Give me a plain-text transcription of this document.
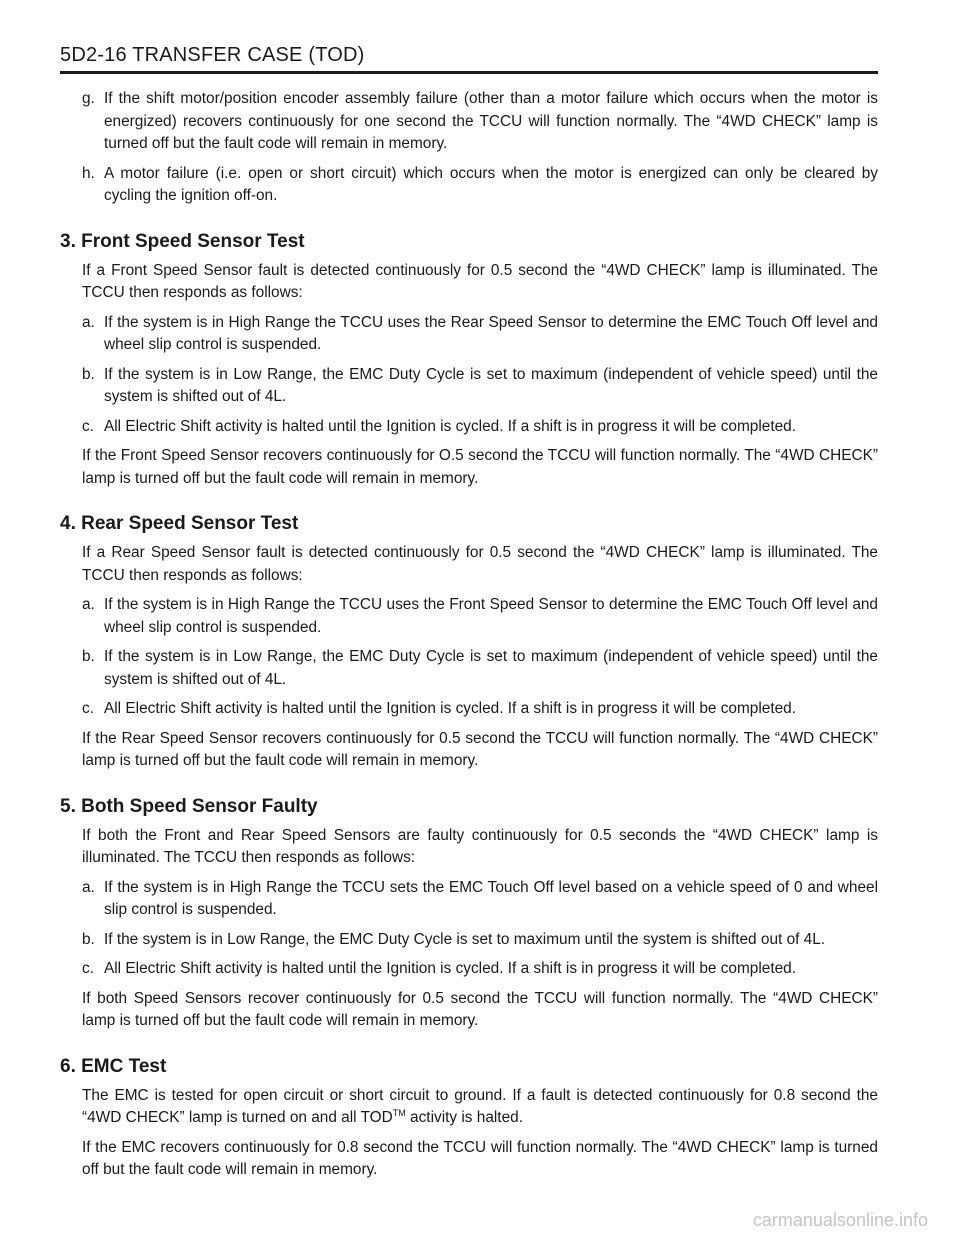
5D2-16 TRANSFER CASE (TOD)
g. If the shift motor/position encoder assembly failure (other than a motor failure which occurs when the motor is energized) recovers continuously for one second the TCCU will function normally. The “4WD CHECK” lamp is turned off but the fault code will remain in memory.
h. A motor failure (i.e. open or short circuit) which occurs when the motor is energized can only be cleared by cycling the ignition off-on.
3. Front Speed Sensor Test

If a Front Speed Sensor fault is detected continuously for 0.5 second the “4WD CHECK” lamp is illuminated. The TCCU then responds as follows:

a. If the system is in High Range the TCCU uses the Rear Speed Sensor to determine the EMC Touch Off level and wheel slip control is suspended.
b. If the system is in Low Range, the EMC Duty Cycle is set to maximum (independent of vehicle speed) until the system is shifted out of 4L.
c. All Electric Shift activity is halted until the Ignition is cycled. If a shift is in progress it will be completed.

If the Front Speed Sensor recovers continuously for O.5 second the TCCU will function normally. The “4WD CHECK” lamp is turned off but the fault code will remain in memory.

4. Rear Speed Sensor Test

If a Rear Speed Sensor fault is detected continuously for 0.5 second the “4WD CHECK” lamp is illuminated. The TCCU then responds as follows:

a. If the system is in High Range the TCCU uses the Front Speed Sensor to determine the EMC Touch Off level and wheel slip control is suspended.
b. If the system is in Low Range, the EMC Duty Cycle is set to maximum (independent of vehicle speed) until the system is shifted out of 4L.
c. All Electric Shift activity is halted until the Ignition is cycled. If a shift is in progress it will be completed.

If the Rear Speed Sensor recovers continuously for 0.5 second the TCCU will function normally. The “4WD CHECK” lamp is turned off but the fault code will remain in memory.

5. Both Speed Sensor Faulty

If both the Front and Rear Speed Sensors are faulty continuously for 0.5 seconds the “4WD CHECK” lamp is illuminated. The TCCU then responds as follows:

a. If the system is in High Range the TCCU sets the EMC Touch Off level based on a vehicle speed of 0 and wheel slip control is suspended.
b. If the system is in Low Range, the EMC Duty Cycle is set to maximum until the system is shifted out of 4L.
c. All Electric Shift activity is halted until the Ignition is cycled. If a shift is in progress it will be completed.

If both Speed Sensors recover continuously for 0.5 second the TCCU will function normally. The “4WD CHECK” lamp is turned off but the fault code will remain in memory.

6. EMC Test

The EMC is tested for open circuit or short circuit to ground. If a fault is detected continuously for 0.8 second the “4WD CHECK” lamp is turned on and all TOD™ activity is halted.

If the EMC recovers continuously for 0.8 second the TCCU will function normally. The “4WD CHECK” lamp is turned off but the fault code will remain in memory.

carmanualsonline.info
